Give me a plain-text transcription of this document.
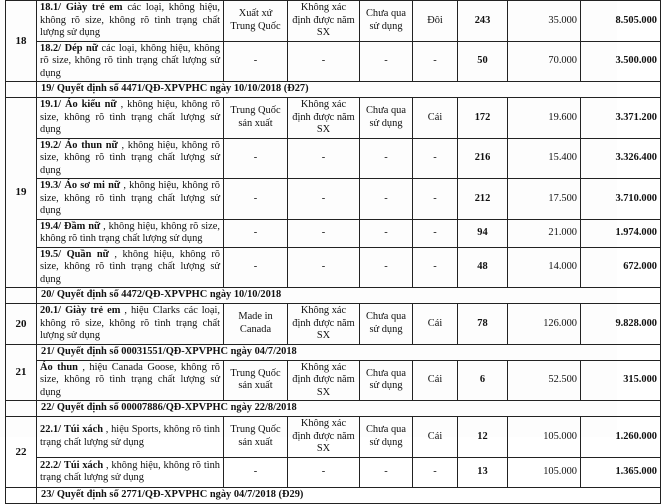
18	18.1/ Giày trẻ em các loại, không hiệu, không rõ size, không rõ tình trạng chất lượng sử dụng	Xuất xứ Trung Quốc	Không xác định được năm SX	Chưa qua sử dụng	Đôi	243	35.000	8.505.000
	18.2/ Dép nữ các loại, không hiệu, không rõ size, không rõ tình trạng chất lượng sử dụng	-	-	-	-	50	70.000	3.500.000
	19/ Quyết định số 4471/QĐ-XPVPHC ngày 10/10/2018 (Đ27)							
19	19.1/ Áo kiểu nữ , không hiệu, không rõ size, không rõ tình trạng chất lượng sử dụng	Trung Quốc sản xuất	Không xác định được năm SX	Chưa qua sử dụng	Cái	172	19.600	3.371.200
	19.2/ Áo thun nữ , không hiệu, không rõ size, không rõ tình trạng chất lượng sử dụng	-	-	-	-	216	15.400	3.326.400
	19.3/ Áo sơ mi nữ , không hiệu, không rõ size, không rõ tình trạng chất lượng sử dụng	-	-	-	-	212	17.500	3.710.000
	19.4/ Đầm nữ , không hiệu, không rõ size, không rõ tình trạng chất lượng sử dụng	-	-	-	-	94	21.000	1.974.000
	19.5/ Quần nữ , không hiệu, không rõ size, không rõ tình trạng chất lượng sử dụng	-	-	-	-	48	14.000	672.000
	20/ Quyết định số 4472/QĐ-XPVPHC ngày 10/10/2018							
20	20.1/ Giày trẻ em , hiệu Clarks các loại, không rõ size, không rõ tình trạng chất lượng sử dụng	Made in Canada	Không xác định được năm SX	Chưa qua sử dụng	Cái	78	126.000	9.828.000
21	21/ Quyết định số 00031551/QĐ-XPVPHC ngày 04/7/2018							
	Áo thun , hiệu Canada Goose, không rõ size, không rõ tình trạng chất lượng sử dụng	Trung Quốc sản xuất	Không xác định được năm SX	Chưa qua sử dụng	Cái	6	52.500	315.000
	22/ Quyết định số 00007886/QĐ-XPVPHC ngày 22/8/2018							
22	22.1/ Túi xách , hiệu Sports, không rõ tình trạng chất lượng sử dụng	Trung Quốc sản xuất	Không xác định được năm SX	Chưa qua sử dụng	Cái	12	105.000	1.260.000
	22.2/ Túi xách , không hiệu, không rõ tình trạng chất lượng sử dụng	-	-	-	-	13	105.000	1.365.000
	23/ Quyết định số 2771/QĐ-XPVPHC ngày 04/7/2018 (Đ29)							
